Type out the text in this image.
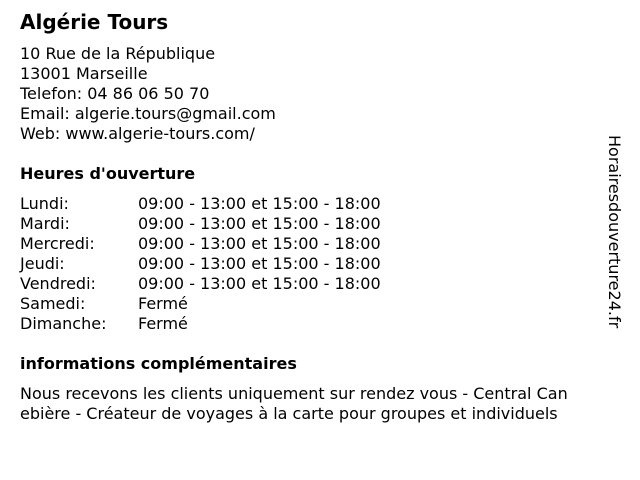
Algérie Tours
10 Rue de la République
13001 Marseille
Telefon: 04 86 06 50 70
Email: algerie.tours@gmail.com
Web: www.algerie-tours.com/
Heures d'ouverture
Lundi:	09:00 - 13:00 et 15:00 - 18:00
Mardi:	09:00 - 13:00 et 15:00 - 18:00
Mercredi:	09:00 - 13:00 et 15:00 - 18:00
Jeudi:	09:00 - 13:00 et 15:00 - 18:00
Vendredi:	09:00 - 13:00 et 15:00 - 18:00
Samedi:	Fermé
Dimanche:	Fermé
informations complémentaires
Nous recevons les clients uniquement sur rendez vous - Central Can
ebière - Créateur de voyages à la carte pour groupes et individuels
Horairesdouverture24.fr
